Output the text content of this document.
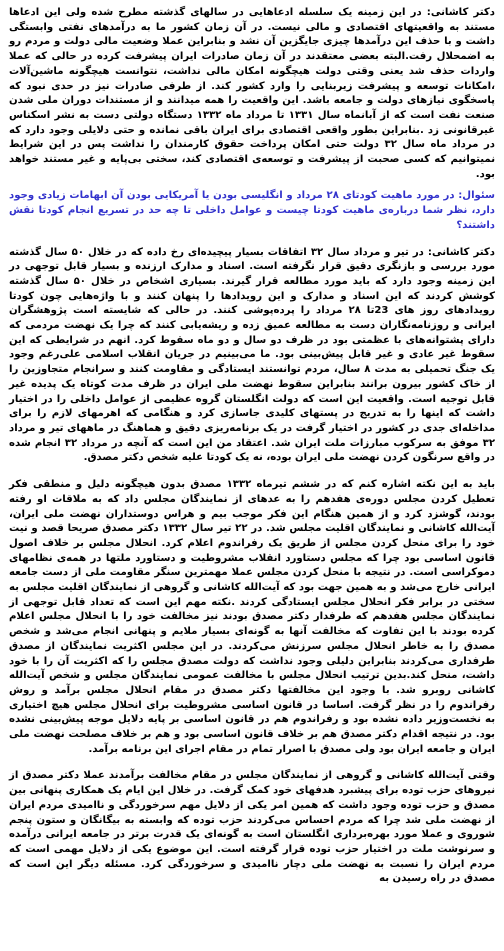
دکتر کاشانی: در این زمینه یک سلسله ادعاهایی در سالهای گذشته مطرح شده ولی این ادعاها مستند به واقعیتهای اقتصادی و مالی نیست. در آن زمان کشور ما به درآمدهای نفتی وابستگی داشت و با حذف این درآمدها چیزی جایگزین آن نشد و بنابراین عملا وضعیت مالی دولت و مردم رو به اضمحلال رفت.البته بعضی معتقدند در آن زمان صادرات ایران پیشرفت کرده در حالی که عملا واردات حذف شد یعنی وقتی دولت هیچگونه امکان مالی نداشت، نتوانست هیچگونه ماشین‌آلات ،امکانات توسعه و پیشرفت زیربنایی را وارد کشور کند. از طرفی صادرات نیز در حدی نبود که پاسخگوی نیازهای دولت و جامعه باشد. این واقعیت را همه میدانند و از مستندات دوران ملی شدن صنعت نفت است که از آبانماه سال ۱۳۳۱ تا مرداد ماه ۱۳۳۲ دستگاه دولتی دست به نشر اسکناس غیرقانونی زد .بنابراین بطور واقعی اقتصادی برای ایران باقی نمانده و حتی دلایلی وجود دارد که در مرداد ماه سال ۳۲ دولت حتی امکان پرداخت حقوق کارمندان را نداشت پس در این شرایط نمیتوانیم که کسی صحبت از پیشرفت و توسعه‌ی اقتصادی کند، سختی بی‌پایه و غیر مستند خواهد بود.

سئوال: در مورد ماهیت کودتای ۲۸ مرداد و انگلیسی بودن یا آمریکایی بودن آن ابهامات زیادی وجود دارد، نظر شما درباره‌ی ماهیت کودتا چیست و عوامل داخلی تا چه حد در تسریع انجام کودتا نقش داشتند؟

دکتر کاشانی: در تیر و مرداد سال ۳۲ اتفاقات بسیار پیچیده‌ای رخ داده که در خلال ۵۰ سال گذشته مورد بررسی و بازنگری دقیق قرار نگرفته است. اسناد و مدارک ارزنده و بسیار قابل توجهی در این زمینه وجود دارد که باید مورد مطالعه قرار گیرند. بسیاری اشخاص در خلال ۵۰ سال گذشته کوشش کردند که این اسناد و مدارک و این رویدادها را پنهان کنند و با واژه‌هایی چون کودتا رویدادهای روز های 23تا ۲۸ مرداد را پرده‌پوشی کنند. در حالی که شایسته است پژوهشگران ایرانی و روزنامه‌نگاران دست به مطالعه عمیق زده و ریشه‌یابی کنند که چرا یک نهضت مردمی که دارای پشتوانه‌های با عظمتی بود در ظرف دو سال و دو ماه سقوط کرد. انهم در شرایطی که این سقوط غیر عادی و غیر قابل پیش‌بینی بود. ما می‌بینیم در جریان انقلاب اسلامی علی‌رغم وجود یک جنگ تحمیلی به مدت ۸ سال، مردم توانستند ایستادگی و مقاومت کنند و سرانجام متجاوزین را از خاک کشور بیرون برانند بنابراین سقوط نهضت ملی ایران در ظرف مدت کوتاه یک پدیده غیر قابل توجیه است. واقعیت این است که دولت انگلستان گروه عظیمی از عوامل داخلی را در اختیار داشت که اینها را به تدریج در پستهای کلیدی جاسازی کرد و هنگامی که اهرمهای لازم را برای مداخله‌ای جدی در کشور در اختیار گرفت در یک برنامه‌ریزی دقیق و هماهنگ در ماههای تیر و مرداد ۳۲ موفق به سرکوب مبارزات ملت ایران شد. اعتقاد من این است که آنچه در مرداد ۳۲ انجام شده در واقع سرنگون کردن نهضت ملی ایران بوده، نه یک کودتا علیه شخص دکتر مصدق.

باید به این نکته اشاره کنم که در ششم تیرماه ۱۳۳۲ مصدق بدون هیچگونه دلیل و منطقی فکر تعطیل کردن مجلس دوره‌ی هفدهم را به عدهای از نمایندگان مجلس داد که به ملاقات او رفته بودند، گوشزد کرد و از همین هنگام این فکر موجب بیم و هراس دوستداران نهضت ملی ایران، آیت‌الله کاشانی و نمایندگان اقلیت مجلس شد. در ۲۲ تیر سال ۱۳۳۲ دکتر مصدق صریحا قصد و نیت خود را برای منحل کردن مجلس از طریق یک رفراندوم اعلام کرد. انحلال مجلس بر خلاف اصول قانون اساسی بود چرا که مجلس دستاورد انقلاب مشروطیت و دستاورد ملتها در همه‌ی نظامهای دموکراسی است. در نتیجه با منحل کردن مجلس عملا مهمترین سنگر مقاومت ملی از دست جامعه ایرانی خارج می‌شد و به همین جهت بود که آیت‌الله کاشانی و گروهی از نمایندگان اقلیت مجلس به سختی در برابر فکر انحلال مجلس ایستادگی کردند .نکته مهم این است که تعداد قابل توجهی از نمایندگان مجلس هفدهم که طرفدار دکتر مصدق بودند نیز مخالفت خود را با انحلال مجلس اعلام کرده بودند با این تفاوت که مخالفت آنها به گونه‌ای بسیار ملایم و پنهانی انجام می‌شد و شخص مصدق را به خاطر انحلال مجلس سرزنش می‌کردند. در این مجلس اکثریت نمایندگان از مصدق طرفداری می‌کردند بنابراین دلیلی وجود نداشت که دولت مصدق مجلس را که اکثریت آن را با خود داشت، منحل کند.بدین ترتیب انحلال مجلس با مخالفت عمومی نمایندگان مجلس و شخص آیت‌الله کاشانی روبرو شد. با وجود این مخالفتها دکتر مصدق در مقام انحلال مجلس برآمد و روش رفراندوم را در نظر گرفت. اساسا در قانون اساسی مشروطیت برای انحلال مجلس هیچ اختیاری به نخست‌وزیر داده نشده بود و رفراندوم هم در قانون اساسی بر پایه دلایل موجه پیش‌بینی نشده بود. در نتیجه اقدام دکتر مصدق هم بر خلاف قانون اساسی بود و هم بر خلاف مصلحت نهضت ملی ایران و جامعه ایران بود ولی مصدق با اصرار تمام در مقام اجرای این برنامه برآمد.

وقتی آیت‌الله کاشانی و گروهی از نمایندگان مجلس در مقام مخالفت برآمدند عملا دکتر مصدق از نیروهای حزب توده برای پیشبرد هدفهای خود کمک گرفت. در خلال این ایام یک همکاری پنهانی بین مصدق و حزب توده وجود داشت که همین امر یکی از دلایل مهم سرخوردگی و ناامیدی مردم ایران از نهضت ملی شد چرا که مردم احساس می‌کردند حزب توده که وابسته به بیگانگان و ستون پنجم شوروی و عملا مورد بهره‌برداری انگلستان است به گونه‌ای یک قدرت برتر در جامعه ایرانی درآمده و سرنوشت ملت در اختیار حزب توده قرار گرفته است. این موضوع یکی از دلایل مهمی است که مردم ایران را نسبت به نهضت ملی دچار ناامیدی و سرخوردگی کرد. مسئله دیگر این است که مصدق در راه رسیدن به
